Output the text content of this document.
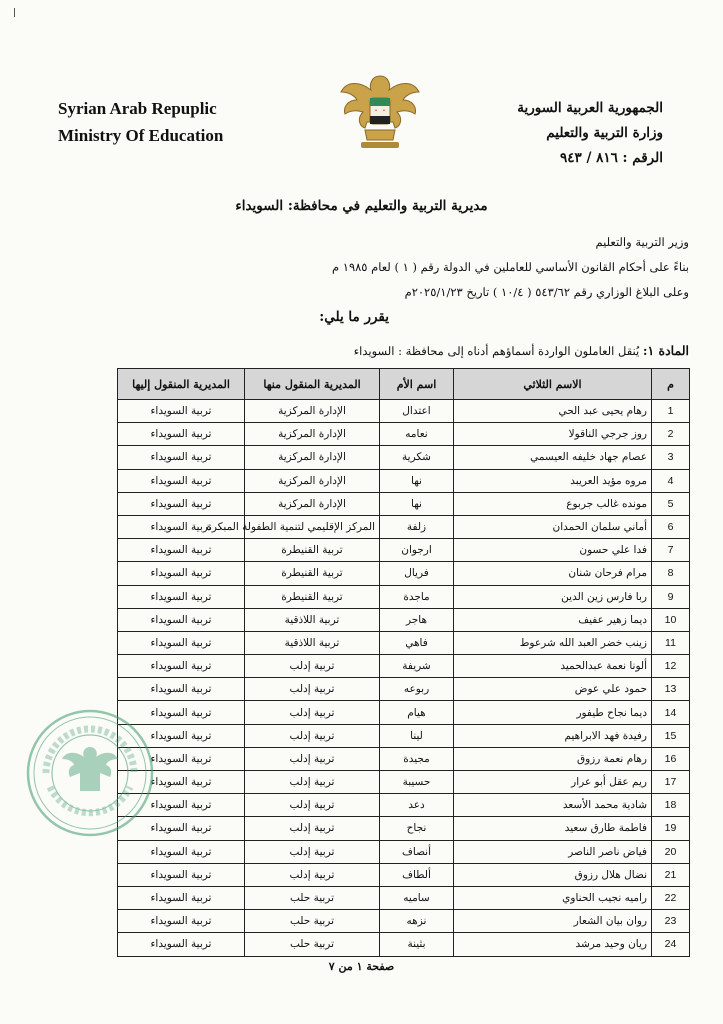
Syrian Arab Repuplic
Ministry Of Education
الجمهورية العربية السورية
وزارة التربية والتعليم
الرقم : ٨١٦ / ٩٤٣
مديرية التربية والتعليم في محافظة: السويداء
وزير التربية والتعليم
بناءً على أحكام القانون الأساسي للعاملين في الدولة رقم ( ١ ) لعام ١٩٨٥ م
وعلى البلاغ الوزاري رقم ٥٤٣/٦٢ ( ١٠/٤ ) تاريخ ٢٠٢٥/١/٢٣م
يقرر ما يلي:
المادة ١: يُنقل العاملون الواردة أسماؤهم أدناه إلى محافظة : السويداء
م	الاسم الثلاثي	اسم الأم	المديرية المنقول منها	المديرية المنقول إليها
1	رهام يحيى عبد الحي	اعتدال	الإدارة المركزية	تربية السويداء
2	روز جرجي الناقولا	نعامه	الإدارة المركزية	تربية السويداء
3	عصام جهاد خليفه العيسمي	شكرية	الإدارة المركزية	تربية السويداء
4	مروه مؤيد العريبد	نها	الإدارة المركزية	تربية السويداء
5	مونده غالب جربوع	نها	الإدارة المركزية	تربية السويداء
6	أماني سلمان الحمدان	زلفة	المركز الإقليمي لتنمية الطفولة المبكرة	تربية السويداء
7	فدا علي حسون	ارجوان	تربية القنيطرة	تربية السويداء
8	مرام فرحان شنان	فريال	تربية القنيطرة	تربية السويداء
9	ربا فارس زين الدين	ماجدة	تربية القنيطرة	تربية السويداء
10	ديما زهير عفيف	هاجر	تربية اللاذقية	تربية السويداء
11	زينب خضر العبد الله شرعوط	فاهي	تربية اللاذقية	تربية السويداء
12	ألونا نعمة عبدالحميد	شريفة	تربية إدلب	تربية السويداء
13	حمود علي عوض	ربوعه	تربية إدلب	تربية السويداء
14	ديما نجاح طيفور	هيام	تربية إدلب	تربية السويداء
15	رفيدة فهد الابراهيم	لينا	تربية إدلب	تربية السويداء
16	رهام نعمة رزوق	مجيدة	تربية إدلب	تربية السويداء
17	ريم عقل أبو عرار	حسيبة	تربية إدلب	تربية السويداء
18	شادية محمد الأسعد	دعد	تربية إدلب	تربية السويداء
19	فاطمة طارق سعيد	نجاح	تربية إدلب	تربية السويداء
20	فياض ناصر الناصر	أنصاف	تربية إدلب	تربية السويداء
21	نضال هلال رزوق	ألطاف	تربية إدلب	تربية السويداء
22	راميه نجيب الحناوي	ساميه	تربية حلب	تربية السويداء
23	روان بيان الشعار	نزهه	تربية حلب	تربية السويداء
24	ريان وحيد مرشد	بثينة	تربية حلب	تربية السويداء
صفحة ١ من ٧
